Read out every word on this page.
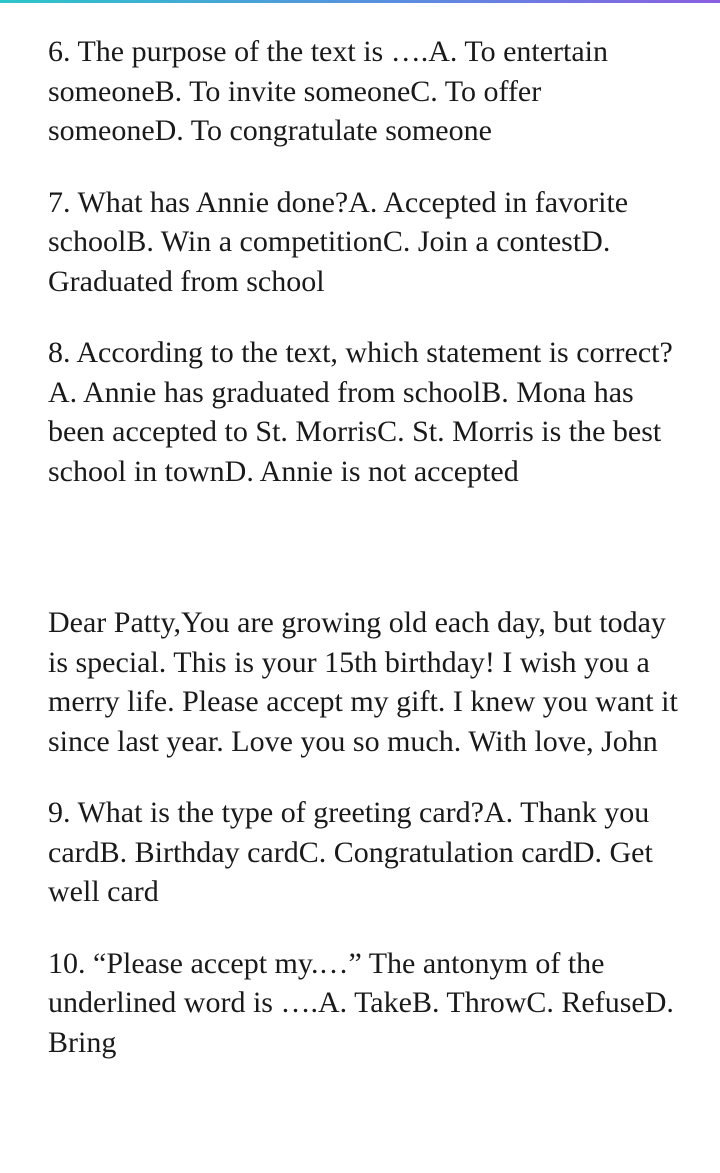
6. The purpose of the text is ….A. To entertain someoneB. To invite someoneC. To offer someoneD. To congratulate someone

7. What has Annie done?A. Accepted in favorite schoolB. Win a competitionC. Join a contestD. Graduated from school

8. According to the text, which statement is correct?A. Annie has graduated from schoolB. Mona has been accepted to St. MorrisC. St. Morris is the best school in townD. Annie is not accepted

Dear Patty,You are growing old each day, but today is special. This is your 15th birthday! I wish you a merry life. Please accept my gift. I knew you want it since last year. Love you so much. With love, John

9. What is the type of greeting card?A. Thank you cardB. Birthday cardC. Congratulation cardD. Get well card

10. “Please accept my.…” The antonym of the underlined word is ….A. TakeB. ThrowC. RefuseD. Bring
